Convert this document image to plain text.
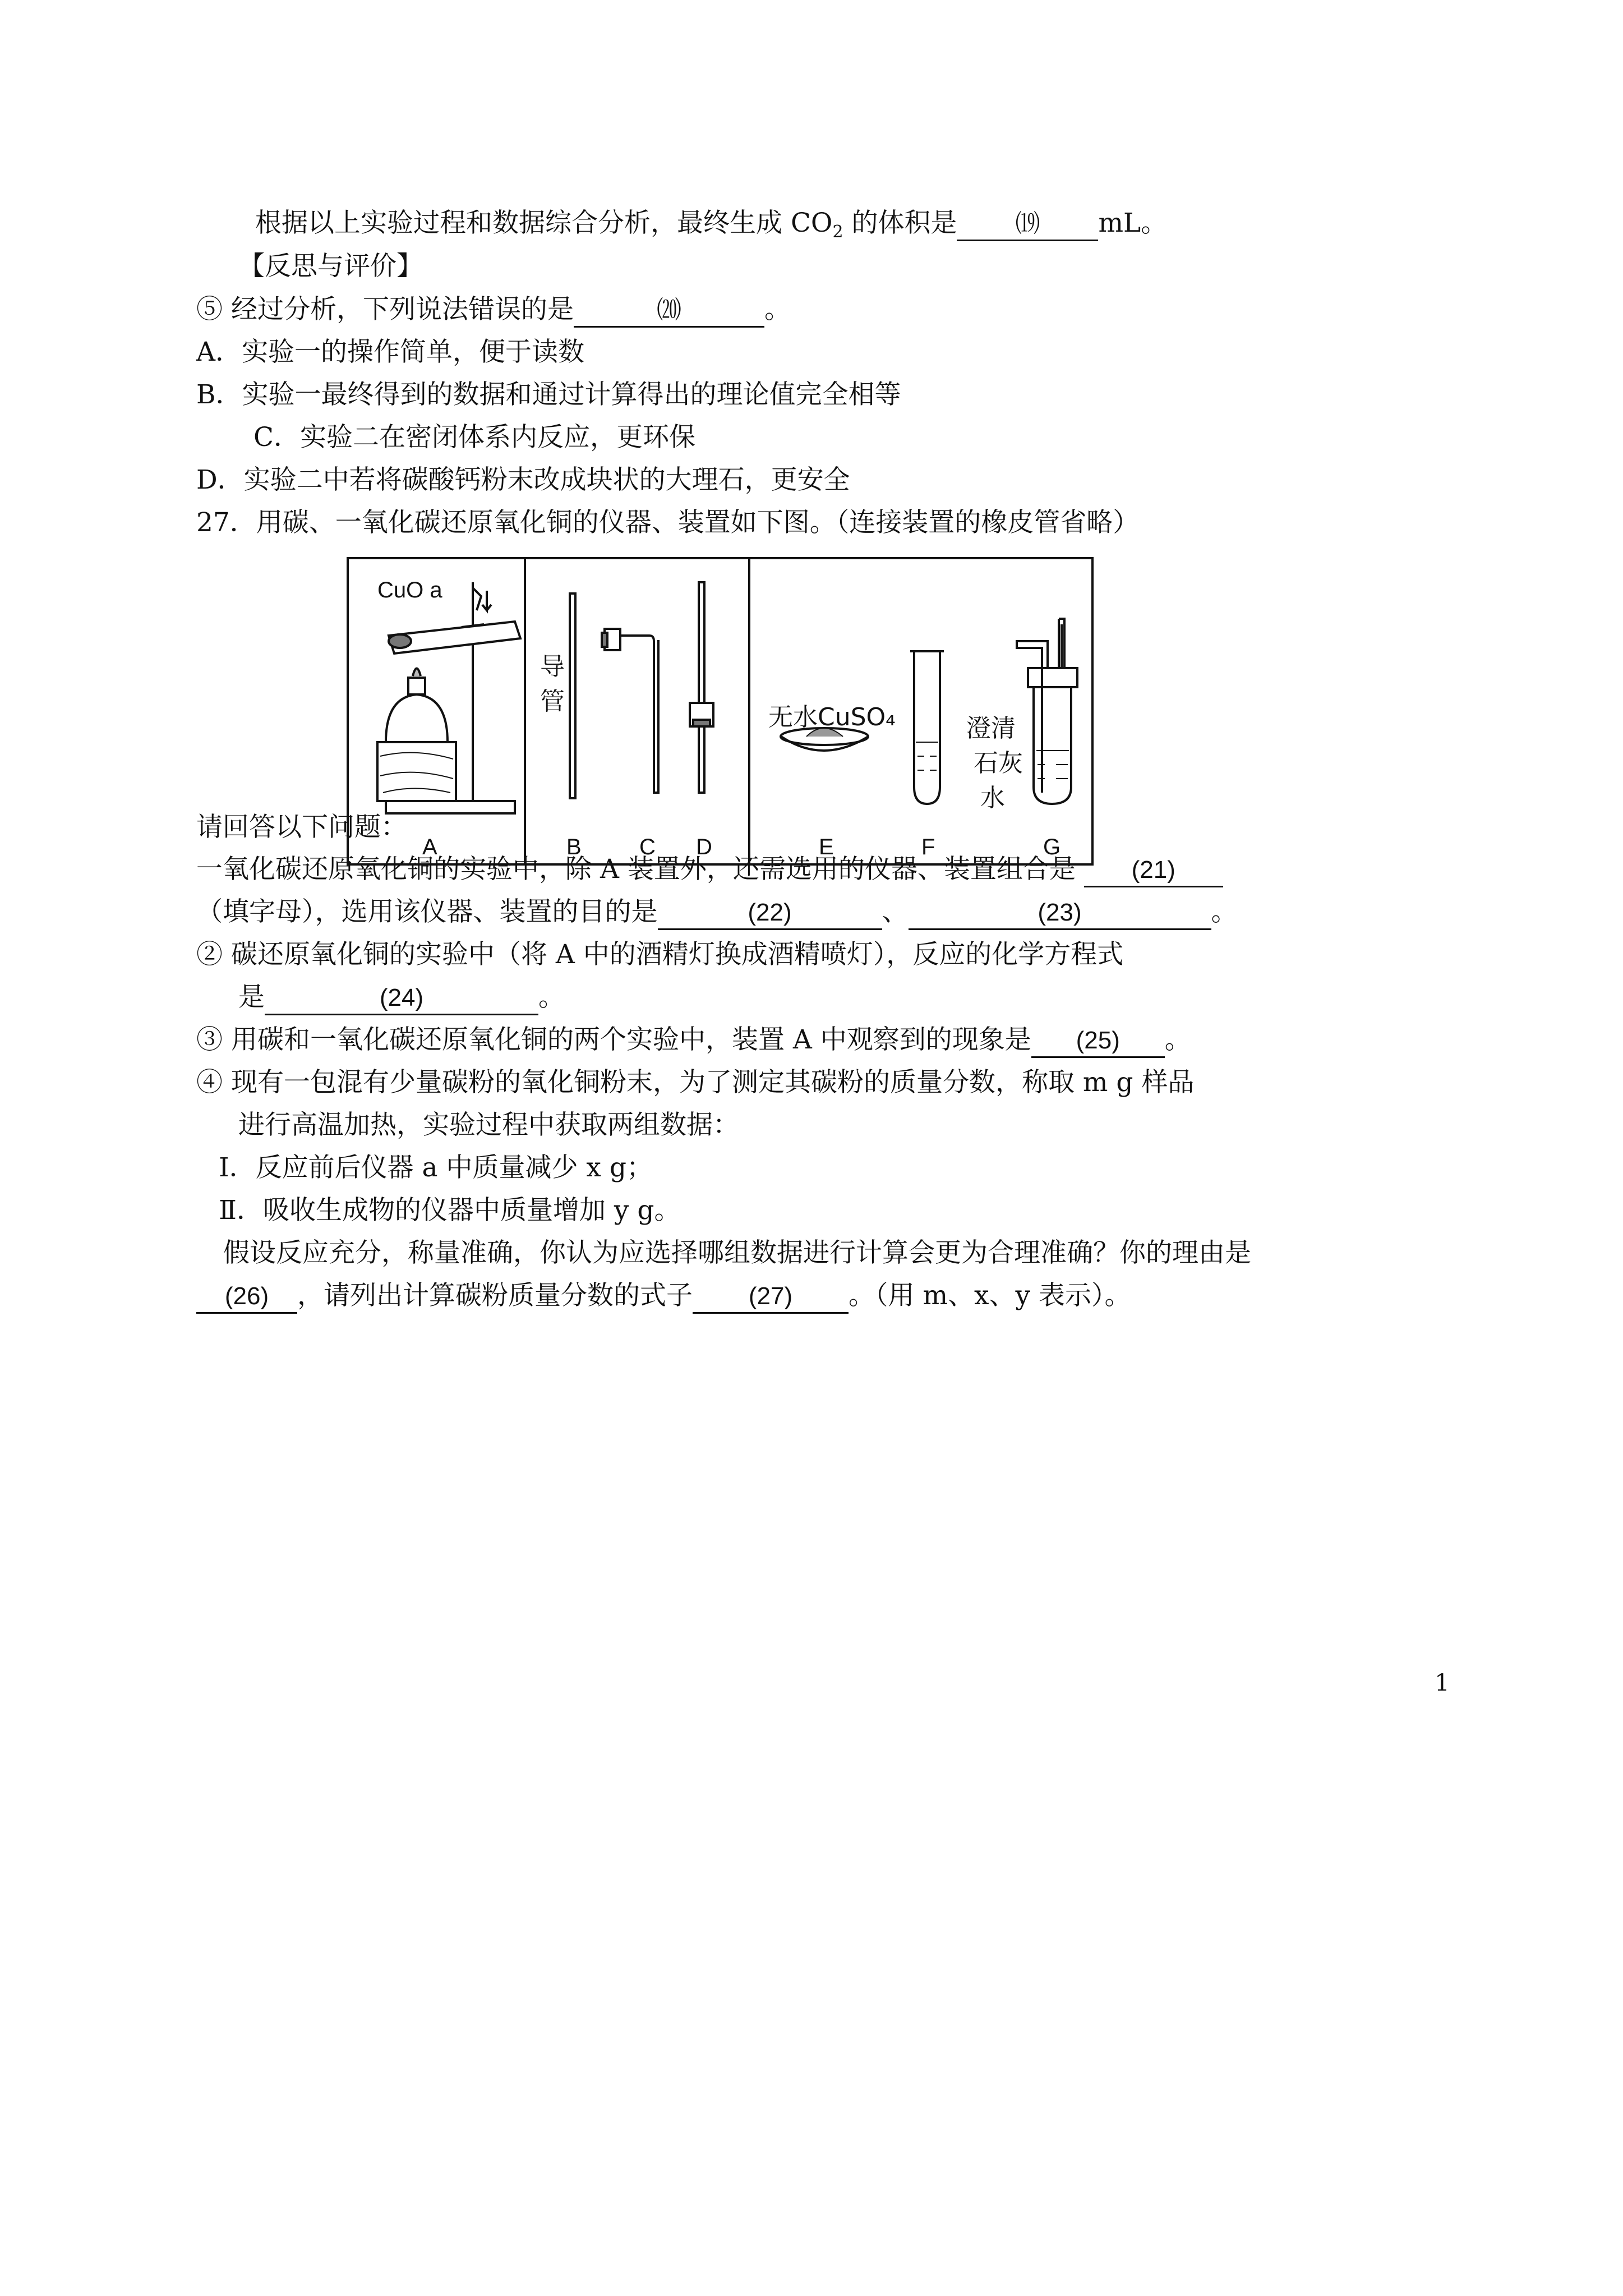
根据以上实验过程和数据综合分析，最终生成 $CO_2$ 的体积是 ⒆ mL。
【反思与评价】
⑤ 经过分析，下列说法错误的是	⒇	。
A．实验一的操作简单，便于读数
B．实验一最终得到的数据和通过计算得出的理论值完全相等
C．实验二在密闭体系内反应，更环保
D．实验二中若将碳酸钙粉末改成块状的大理石，更安全
27．用碳、一氧化碳还原氧化铜的仪器、装置如下图。（连接装置的橡皮管省略）
A
CuO a
导
管
B	C D
无水CuSO₄
E	F
澄清
石灰
水
G
请回答以下问题：
一氧化碳还原氧化铜的实验中，除 A 装置外，还需选用的仪器、装置组合是 (21)
（填字母），选用该仪器、装置的目的是	(22)	、	(23)	。
② 碳还原氧化铜的实验中（将 A 中的酒精灯换成酒精喷灯），反应的化学方程式
是	(24)	。
③ 用碳和一氧化碳还原氧化铜的两个实验中，装置 A 中观察到的现象是 (25) 。
④ 现有一包混有少量碳粉的氧化铜粉末，为了测定其碳粉的质量分数，称取 m g 样品
进行高温加热，实验过程中获取两组数据：
Ⅰ．反应前后仪器 a 中质量减少 x g；
Ⅱ．吸收生成物的仪器中质量增加 y g。
假设反应充分，称量准确，你认为应选择哪组数据进行计算会更为合理准确？你的理由是
(26) ，请列出计算碳粉质量分数的式子 (27) 。（用 m、x、y 表示）。
1
